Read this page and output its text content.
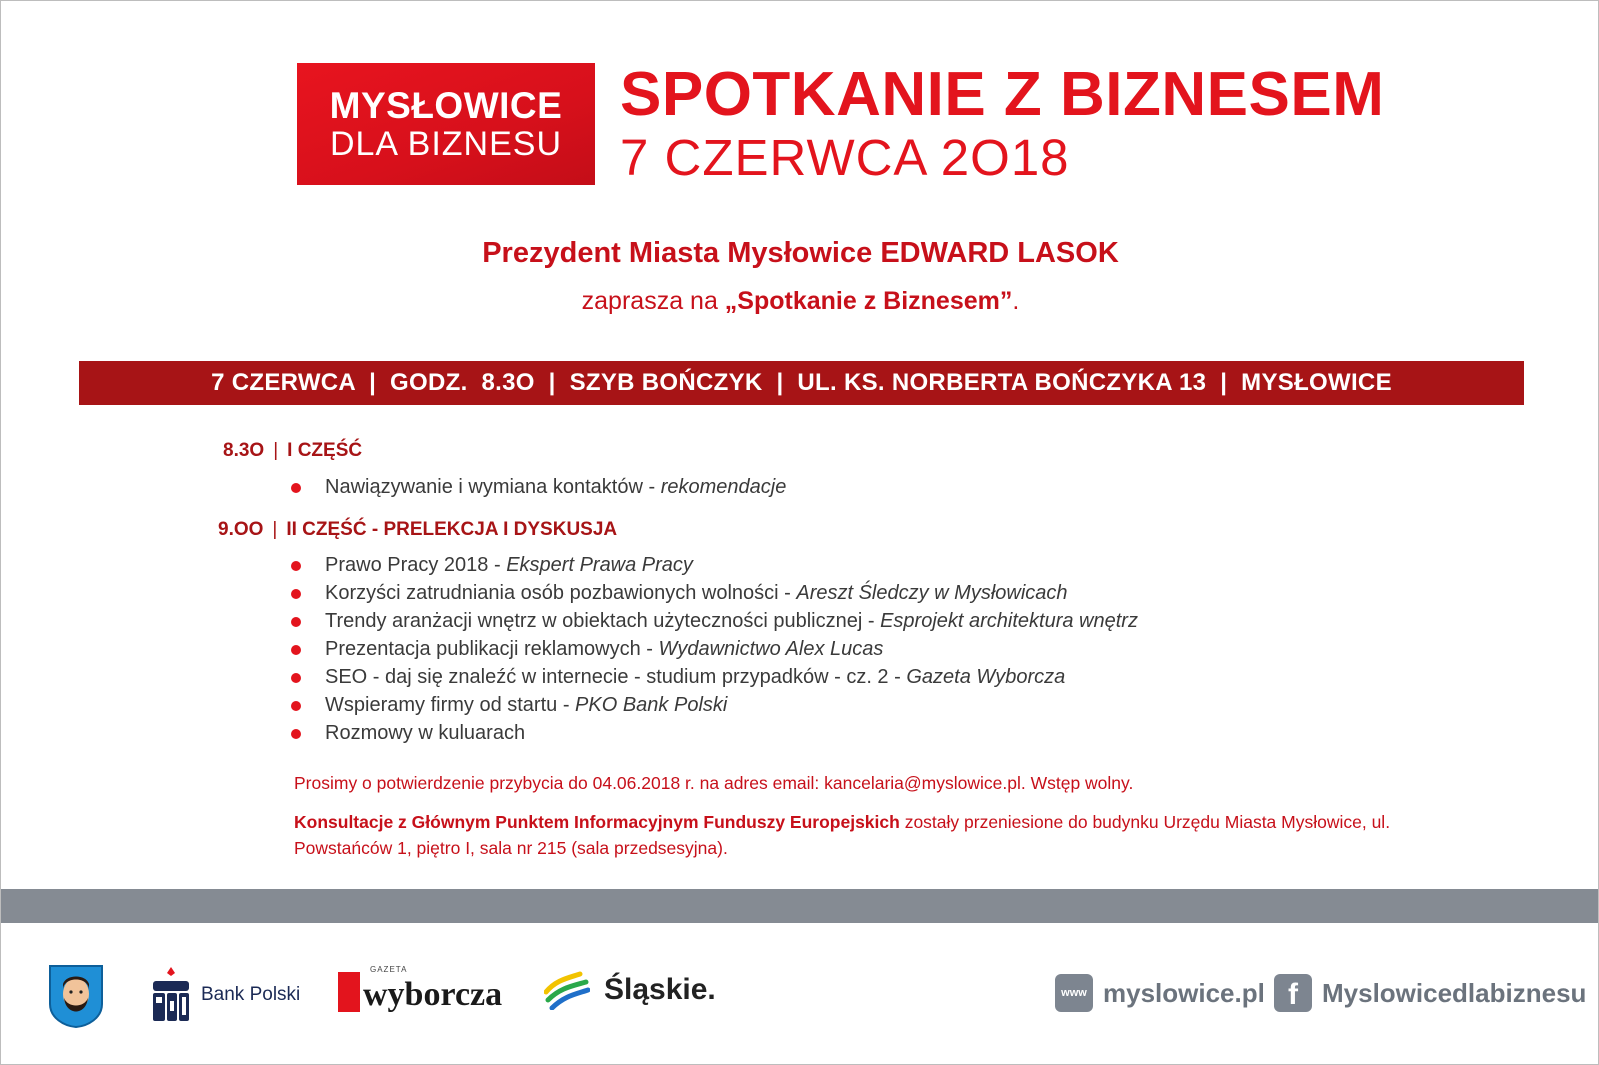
MYSŁOWICE
DLA BIZNESU
SPOTKANIE Z BIZNESEM
7 CZERWCA 2O18
Prezydent Miasta Mysłowice EDWARD LASOK
zaprasza na „Spotkanie z Biznesem”.
7 CZERWCA  |  GODZ.  8.3O  |  SZYB BOŃCZYK  |  UL. KS. NORBERTA BOŃCZYKA 13  |  MYSŁOWICE
8.3O | I CZĘŚĆ
Nawiązywanie i wymiana kontaktów -
rekomendacje
9.OO | II CZĘŚĆ - PRELEKCJA I DYSKUSJA
Prawo Pracy 2018 -
Ekspert Prawa Pracy
Korzyści zatrudniania osób pozbawionych wolności -
Areszt Śledczy w Mysłowicach
Trendy aranżacji wnętrz w obiektach użyteczności publicznej -
Esprojekt architektura wnętrz
Prezentacja publikacji reklamowych -
Wydawnictwo Alex Lucas
SEO - daj się znaleźć w internecie - studium przypadków - cz. 2 -
Gazeta Wyborcza
Wspieramy firmy od startu -
PKO Bank Polski
Rozmowy w kuluarach
Prosimy o potwierdzenie przybycia do 04.06.2018 r. na adres email: kancelaria@myslowice.pl. Wstęp wolny.
Konsultacje z Głównym Punktem Informacyjnym Funduszy Europejskich zostały przeniesione do budynku Urzędu Miasta Mysłowice, ul. Powstańców 1, piętro I, sala nr 215 (sala przedsesyjna).
Bank Polski
GAZETA
wyborcza	Śląskie.	www myslowice.pl f Myslowicedlabiznesu
